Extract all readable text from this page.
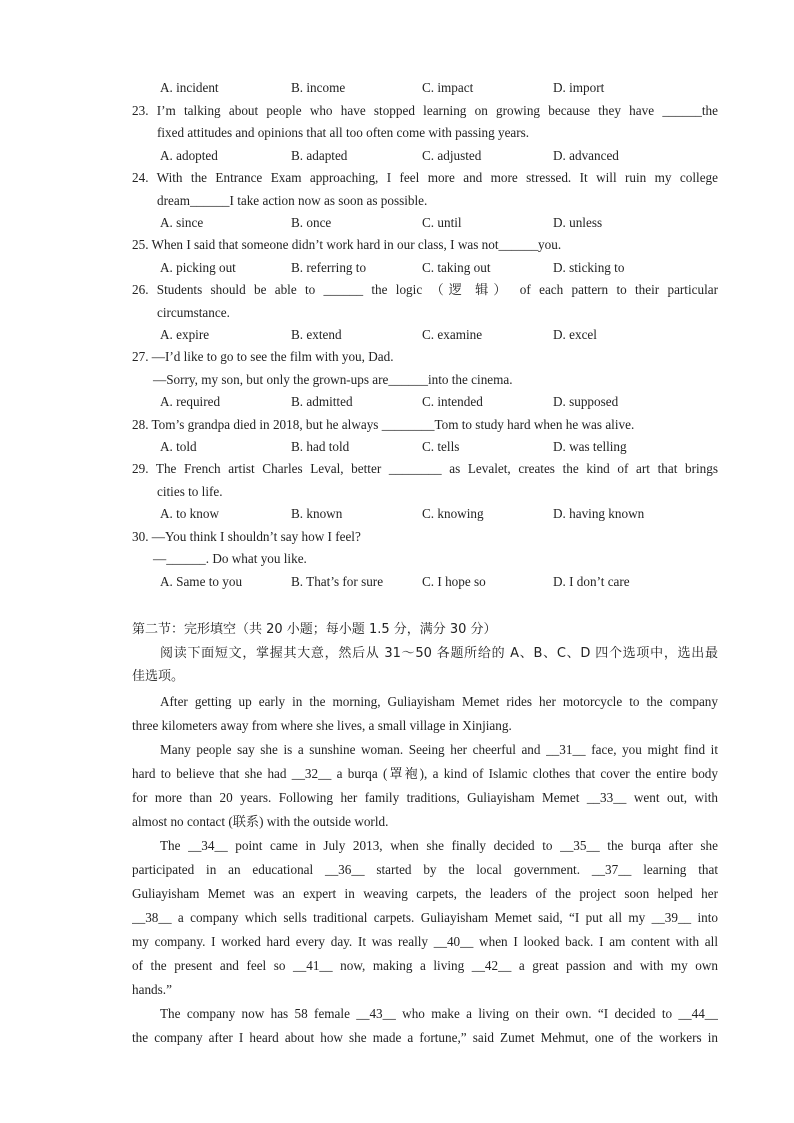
A. incident	B. income	C. impact	D. import
23. I’m talking about people who have stopped learning on growing because they have ______the
fixed attitudes and opinions that all too often come with passing years.
A. adopted	B. adapted	C. adjusted	D. advanced
24. With the Entrance Exam approaching, I feel more and more stressed. It will ruin my college
dream______I take action now as soon as possible.
A. since	B. once	C. until	D. unless
25. When I said that someone didn’t work hard in our class, I was not______you.
A. picking out	B. referring to	C. taking out	D. sticking to
26. Students should be able to ______ the logic （逻 辑） of each pattern to their particular
circumstance.
A. expire	B. extend	C. examine	D. excel
27. —I’d like to go to see the film with you, Dad.
—Sorry, my son, but only the grown-ups are______into the cinema.
A. required	B. admitted	C. intended	D. supposed
28. Tom’s grandpa died in 2018, but he always ________Tom to study hard when he was alive.
A. told	B. had told	C. tells	D. was telling
29. The French artist Charles Leval, better ________ as Levalet, creates the kind of art that brings
cities to life.
A. to know	B. known	C. knowing	D. having known
30. —You think I shouldn’t say how I feel?
—______. Do what you like.
A. Same to you	B. That’s for sure	C. I hope so	D. I don’t care
第二节：完形填空（共 20 小题；每小题 1.5 分，满分 30 分）
阅读下面短文，掌握其大意，然后从 31～50 各题所给的 A、B、C、D 四个选项中，选出最
佳选项。
After getting up early in the morning, Guliayisham Memet rides her motorcycle to the company
three kilometers away from where she lives, a small village in Xinjiang.
Many people say she is a sunshine woman. Seeing her cheerful and __31__ face, you might find it
hard to believe that she had __32__ a burqa (罩袍), a kind of Islamic clothes that cover the entire body
for more than 20 years. Following her family traditions, Guliayisham Memet __33__ went out, with
almost no contact (联系) with the outside world.
The __34__ point came in July 2013, when she finally decided to __35__ the burqa after she
participated in an educational __36__ started by the local government. __37__ learning that
Guliayisham Memet was an expert in weaving carpets, the leaders of the project soon helped her
__38__ a company which sells traditional carpets. Guliayisham Memet said, “I put all my __39__ into
my company. I worked hard every day. It was really __40__ when I looked back. I am content with all
of the present and feel so __41__ now, making a living __42__ a great passion and with my own
hands.”
The company now has 58 female __43__ who make a living on their own. “I decided to __44__
the company after I heard about how she made a fortune,” said Zumet Mehmut, one of the workers in
